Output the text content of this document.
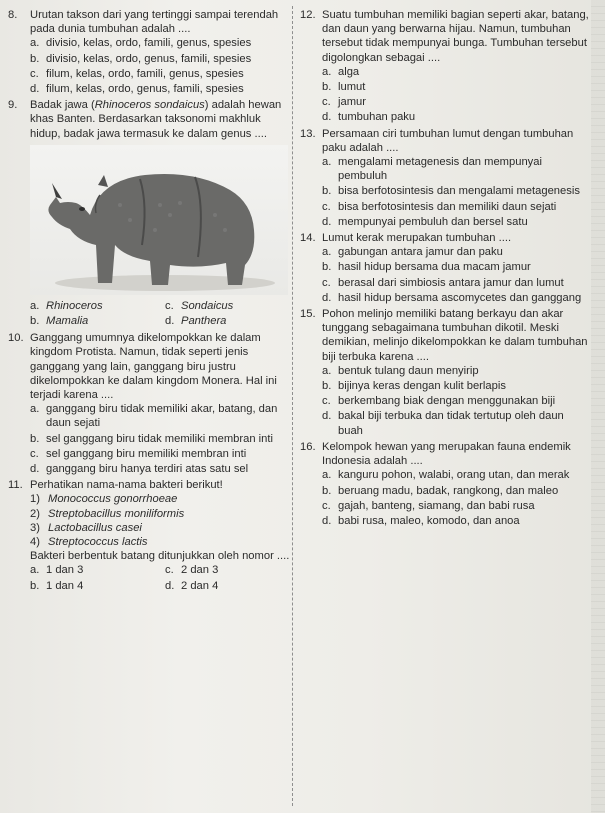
8.	Urutan takson dari yang tertinggi sampai terendah pada dunia tumbuhan adalah ....
a. divisio, kelas, ordo, famili, genus, spesies
b. divisio, kelas, ordo, genus, famili, spesies
c. filum, kelas, ordo, famili, genus, spesies
d. filum, kelas, ordo, genus, famili, spesies
9.	Badak jawa (Rhinoceros sondaicus) adalah hewan khas Banten. Berdasarkan taksonomi makhluk hidup, badak jawa termasuk ke dalam genus ....
a. Rhinoceros	c. Sondaicus
b. Mamalia	d. Panthera
10. Ganggang umumnya dikelompokkan ke dalam kingdom Protista. Namun, tidak seperti jenis ganggang yang lain, ganggang biru justru dikelompokkan ke dalam kingdom Monera. Hal ini terjadi karena ....
a. ganggang biru tidak memiliki akar, batang, dan daun sejati
b. sel ganggang biru tidak memiliki membran inti
c. sel ganggang biru memiliki membran inti
d. ganggang biru hanya terdiri atas satu sel
11. Perhatikan nama-nama bakteri berikut!
1) Monococcus gonorrhoeae
2) Streptobacillus moniliformis
3) Lactobacillus casei
4) Streptococcus lactis
Bakteri berbentuk batang ditunjukkan oleh nomor ....
a. 1 dan 3	c. 2 dan 3
b. 1 dan 4	d. 2 dan 4
12. Suatu tumbuhan memiliki bagian seperti akar, batang, dan daun yang berwarna hijau. Namun, tumbuhan tersebut tidak mempunyai bunga. Tumbuhan tersebut digolongkan sebagai ....
a. alga
b. lumut
c. jamur
d. tumbuhan paku
13. Persamaan ciri tumbuhan lumut dengan tumbuhan paku adalah ....
a. mengalami metagenesis dan mempunyai pembuluh
b. bisa berfotosintesis dan mengalami metagenesis
c. bisa berfotosintesis dan memiliki daun sejati
d. mempunyai pembuluh dan bersel satu
14. Lumut kerak merupakan tumbuhan ....
a. gabungan antara jamur dan paku
b. hasil hidup bersama dua macam jamur
c. berasal dari simbiosis antara jamur dan lumut
d. hasil hidup bersama ascomycetes dan ganggang
15. Pohon melinjo memiliki batang berkayu dan akar tunggang sebagaimana tumbuhan dikotil. Meski demikian, melinjo dikelompokkan ke dalam tumbuhan biji terbuka karena ....
a. bentuk tulang daun menyirip
b. bijinya keras dengan kulit berlapis
c. berkembang biak dengan menggunakan biji
d. bakal biji terbuka dan tidak tertutup oleh daun buah
16. Kelompok hewan yang merupakan fauna endemik Indonesia adalah ....
a. kanguru pohon, walabi, orang utan, dan merak
b. beruang madu, badak, rangkong, dan maleo
c. gajah, banteng, siamang, dan babi rusa
d. babi rusa, maleo, komodo, dan anoa
